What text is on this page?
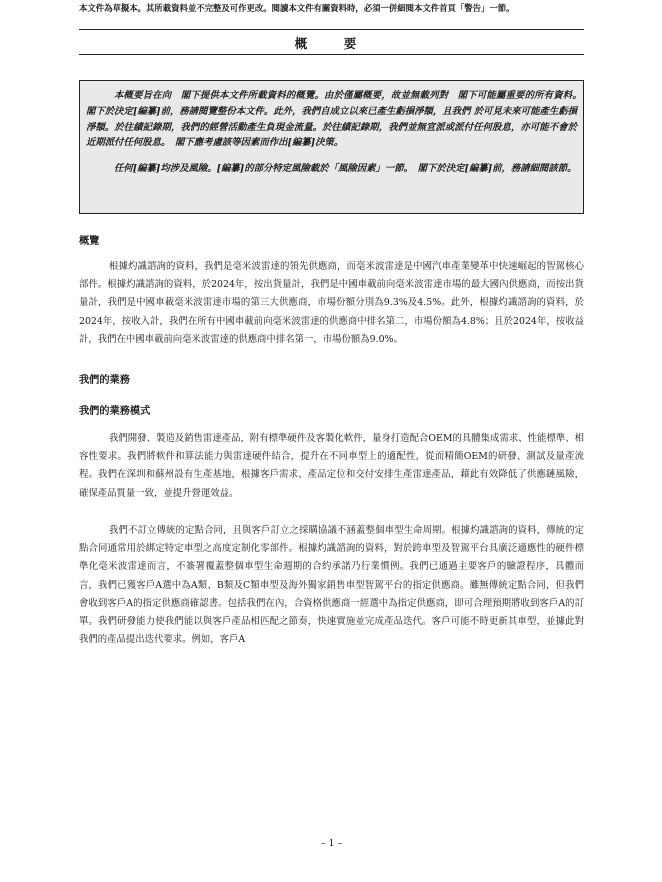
本文件為草擬本。其所載資料並不完整及可作更改。閱讀本文件有關資料時，必須一併細閱本文件首頁「警告」一節。
概　要

本概要旨在向　閣下提供本文件所載資料的概覽。由於僅屬概要，故並無載列對　閣下可能屬重要的所有資料。　閣下於決定[編纂]前，務請閱覽整份本文件。此外，我們自成立以來已產生虧損淨額，且我們 於可見未來可能產生虧損淨額。於往績記錄期，我們的經營活動產生負現金流量。於往績記錄期，我們並無宣派或派付任何股息，亦可能不會於近期派付任何股息。　閣下應考慮該等因素而作出[編纂]決策。

任何[編纂]均涉及風險。[編纂]的部分特定風險載於「風險因素」一節。　閣下於決定[編纂]前，務請細閱該節。

概覽

根據灼識諮詢的資料，我們是毫米波雷達的領先供應商，而毫米波雷達是中國汽車產業變革中快速崛起的智駕核心部件。根據灼識諮詢的資料，於2024年，按出貨量計，我們是中國車載前向毫米波雷達市場的最大國內供應商，而按出貨量計，我們是中國車載毫米波雷達市場的第三大供應商，市場份額分別為9.3%及4.5%。此外，根據灼識諮詢的資料，於2024年，按收入計，我們在所有中國車載前向毫米波雷達的供應商中排名第二，市場份額為4.8%；且於2024年，按收益計，我們在中國車載前向毫米波雷達的供應商中排名第一，市場份額為9.0%。

我們的業務
我們的業務模式

我們開發、製造及銷售雷達產品，附有標準硬件及客製化軟件，量身打造配合OEM的具體集成需求、性能標準、相容性要求。我們將軟件和算法能力與雷達硬件結合，提升在不同車型上的適配性，從而精簡OEM的研發、測試及量產流程。我們在深圳和蘇州設有生產基地，根據客戶需求、產品定位和交付安排生產雷達產品，藉此有效降低了供應鏈風險，確保產品質量一致，並提升營運效益。

我們不訂立傳統的定點合同，且與客戶訂立之採購協議不涵蓋整個車型生命周期。根據灼識諮詢的資料，傳統的定點合同通常用於綁定特定車型之高度定制化零部件。根據灼識諮詢的資料，對於跨車型及智駕平台具廣泛適應性的硬件標準化毫米波雷達而言，不簽署覆蓋整個車型生命週期的合約承諾乃行業慣例。我們已通過主要客戶的驗證程序，具體而言，我們已獲客戶A選中為A類、B類及C類車型及海外獨家銷售車型智駕平台的指定供應商。雖無傳統定點合同，但我們會收到客戶A的指定供應商確認書。包括我們在內，合資格供應商一經選中為指定供應商，即可合理預期將收到客戶A的訂單。我們研發能力使我們能以與客戶產品相匹配之節奏，快速實施並完成產品迭代。客戶可能不時更新其車型，並據此對我們的產品提出迭代要求。例如，客戶A

– 1 –
